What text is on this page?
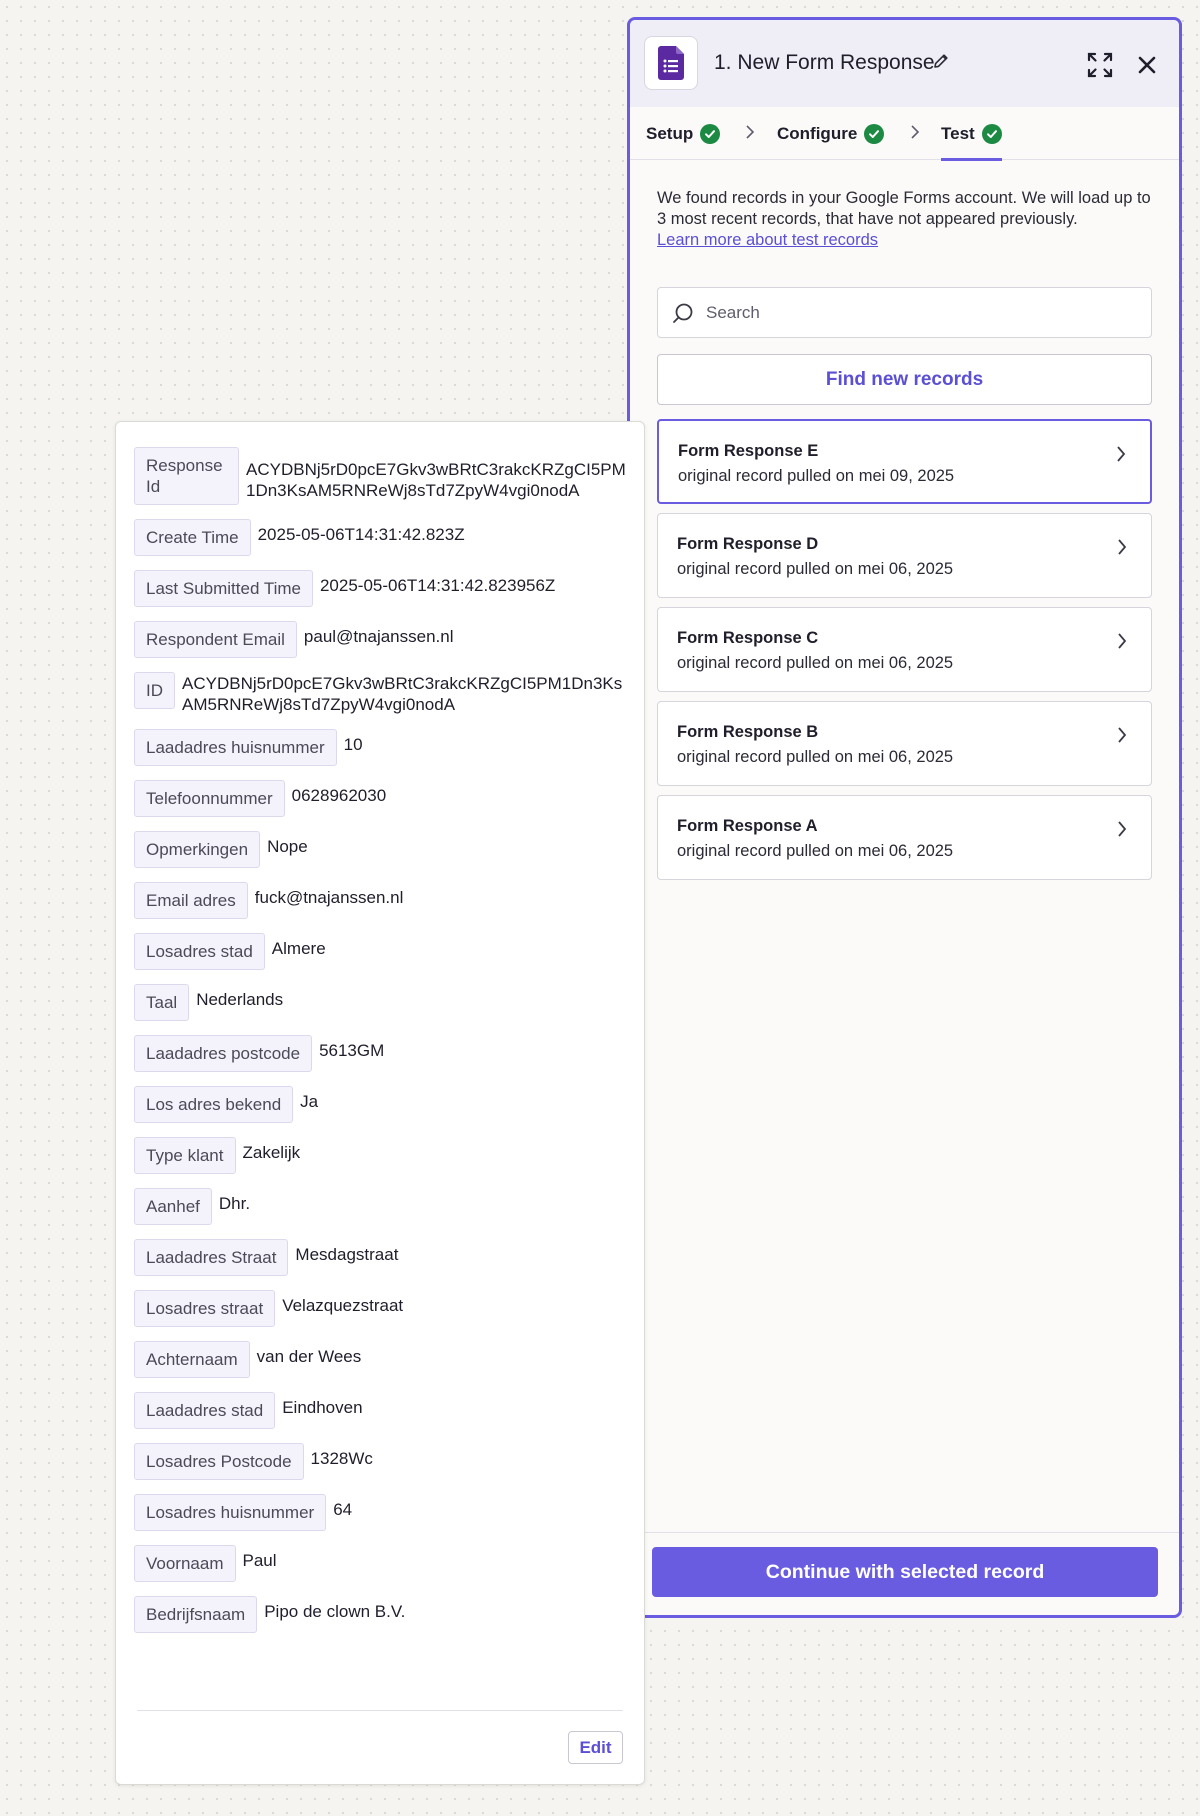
1. New Form Response
Setup	Configure	Test
We found records in your Google Forms account. We will load up to 3 most recent records, that have not appeared previously.
Learn more about test records
Search
Find new records
Form Response E
original record pulled on mei 09, 2025
Form Response D
original record pulled on mei 06, 2025
Form Response C
original record pulled on mei 06, 2025
Form Response B
original record pulled on mei 06, 2025
Form Response A
original record pulled on mei 06, 2025
Continue with selected record
Response Id
ACYDBNj5rD0pcE7Gkv3wBRtC3rakcKRZgCI5PM1Dn3KsAM5RNReWj8sTd7ZpyW4vgi0nodA
Create Time	2025-05-06T14:31:42.823Z
Last Submitted Time	2025-05-06T14:31:42.823956Z
Respondent Email	paul@tnajanssen.nl
ID	ACYDBNj5rD0pcE7Gkv3wBRtC3rakcKRZgCI5PM1Dn3KsAM5RNReWj8sTd7ZpyW4vgi0nodA
Laadadres huisnummer	10
Telefoonnummer	0628962030
Opmerkingen	Nope
Email adres	fuck@tnajanssen.nl
Losadres stad	Almere
Taal	Nederlands
Laadadres postcode	5613GM
Los adres bekend	Ja
Type klant	Zakelijk
Aanhef	Dhr.
Laadadres Straat	Mesdagstraat
Losadres straat	Velazquezstraat
Achternaam	van der Wees
Laadadres stad	Eindhoven
Losadres Postcode	1328Wc
Losadres huisnummer	64
Voornaam	Paul
Bedrijfsnaam	Pipo de clown B.V.
Edit
